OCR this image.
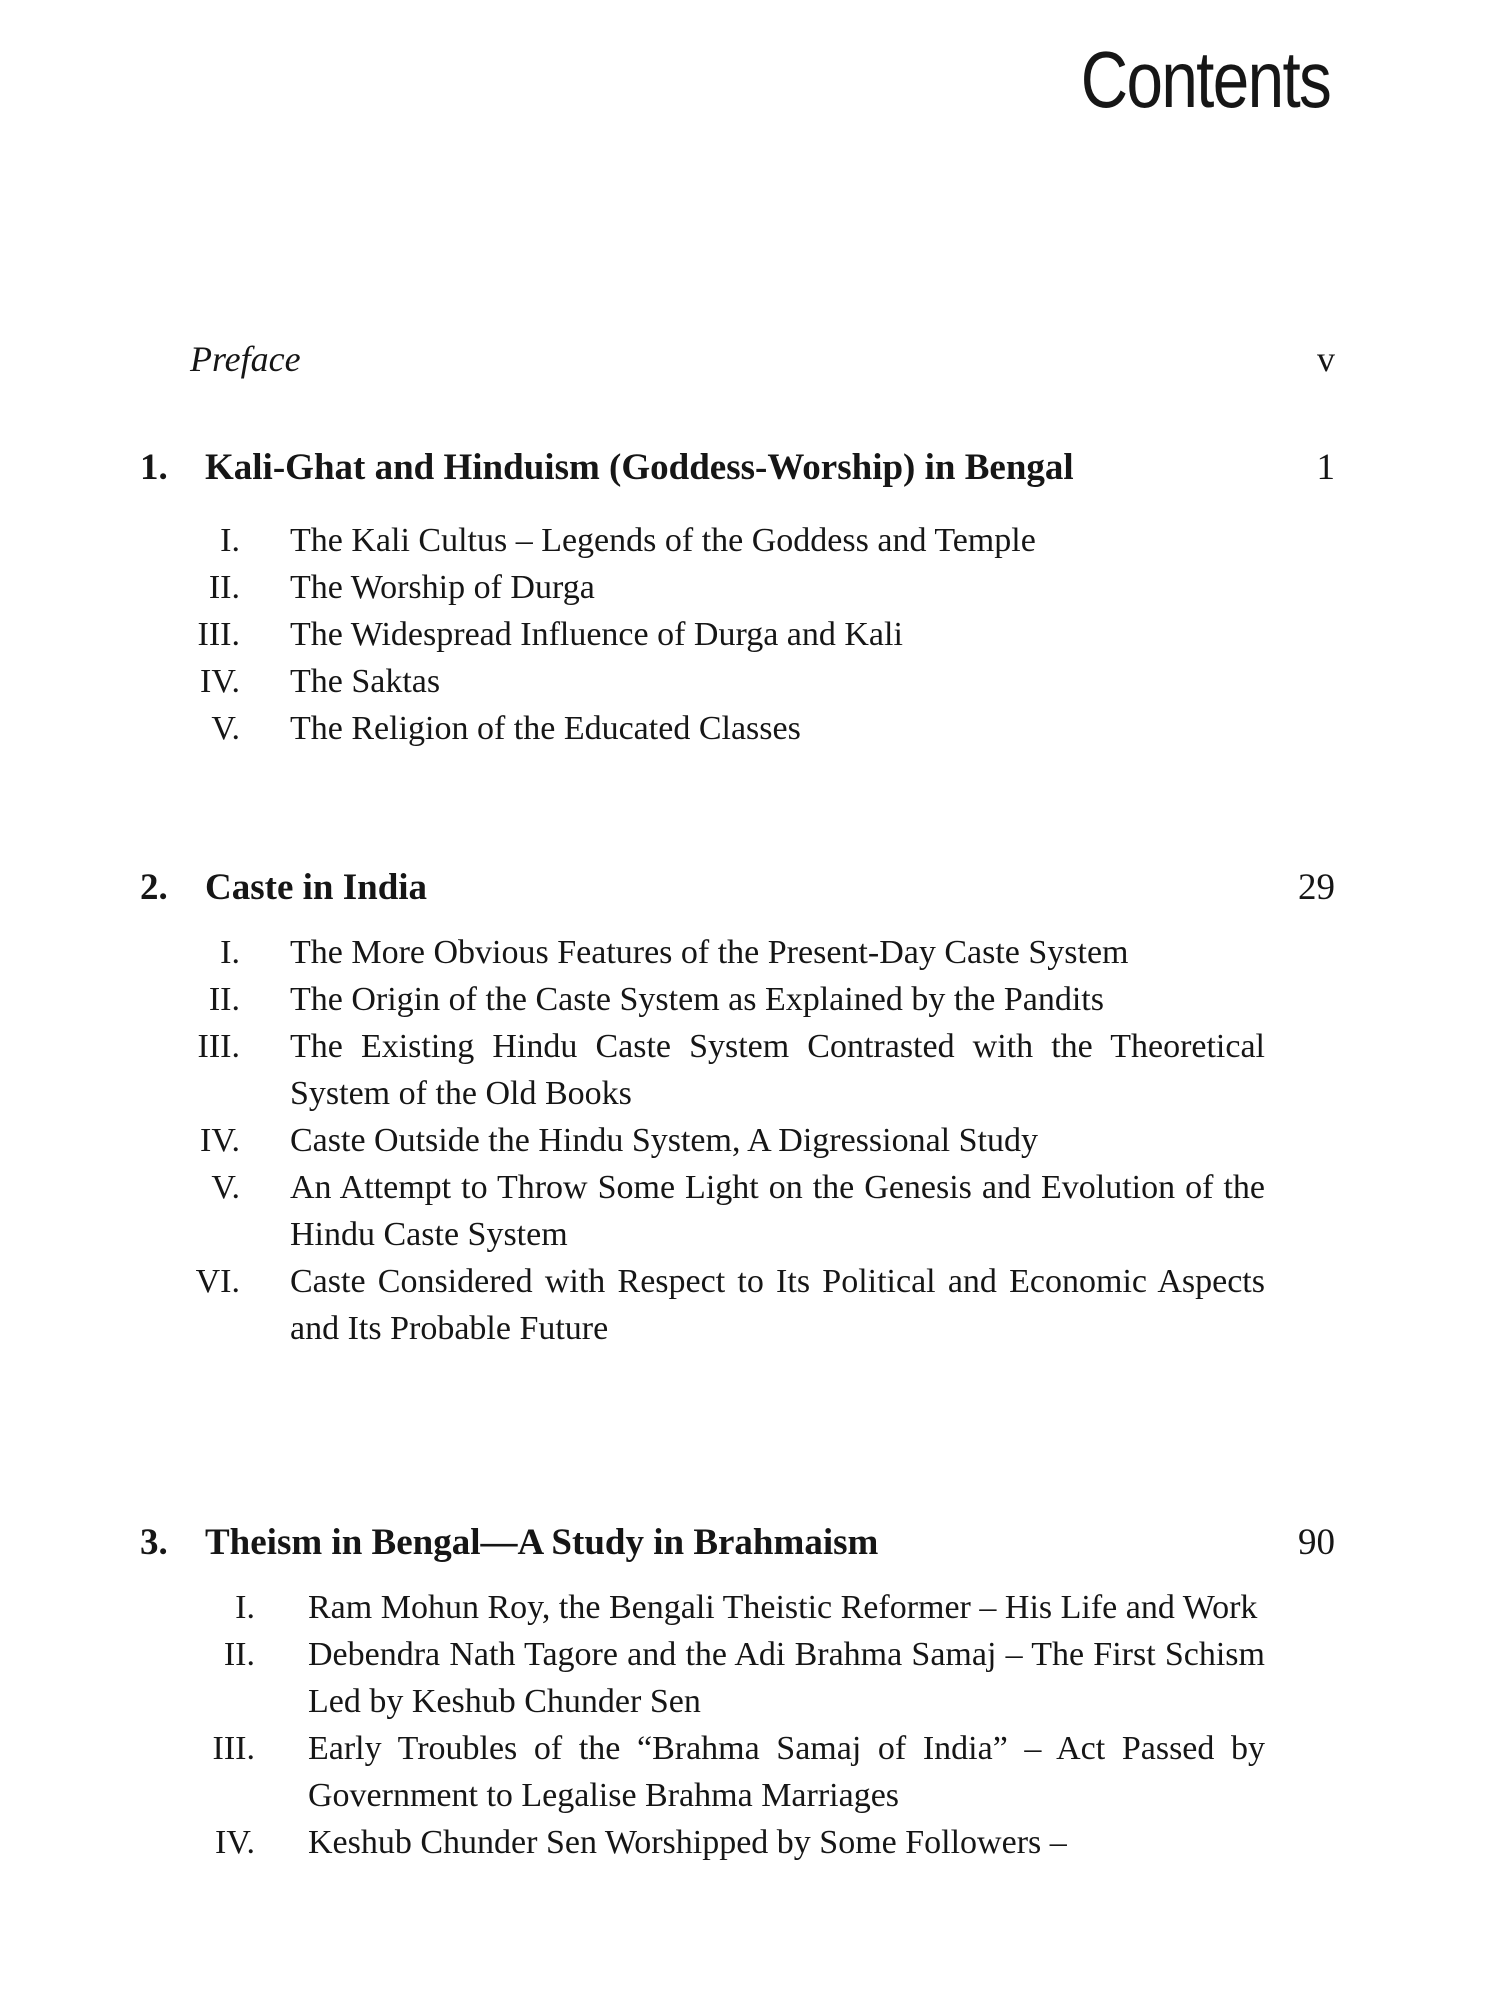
Contents
Preface	v
1. Kali-Ghat and Hinduism (Goddess-Worship) in Bengal	1
I. The Kali Cultus – Legends of the Goddess and Temple
II. The Worship of Durga
III. The Widespread Influence of Durga and Kali
IV. The Saktas
V. The Religion of the Educated Classes
2. Caste in India	29
I. The More Obvious Features of the Present-Day Caste System
II. The Origin of the Caste System as Explained by the Pandits
III. The Existing Hindu Caste System Contrasted with the Theoretical System of the Old Books
IV. Caste Outside the Hindu System, A Digressional Study
V. An Attempt to Throw Some Light on the Genesis and Evolution of the Hindu Caste System
VI. Caste Considered with Respect to Its Political and Economic Aspects and Its Probable Future
3. Theism in Bengal—A Study in Brahmaism	90
I. Ram Mohun Roy, the Bengali Theistic Reformer – His Life and Work
II. Debendra Nath Tagore and the Adi Brahma Samaj – The First Schism Led by Keshub Chunder Sen
III. Early Troubles of the “Brahma Samaj of India” – Act Passed by Government to Legalise Brahma Marriages
IV. Keshub Chunder Sen Worshipped by Some Followers –
